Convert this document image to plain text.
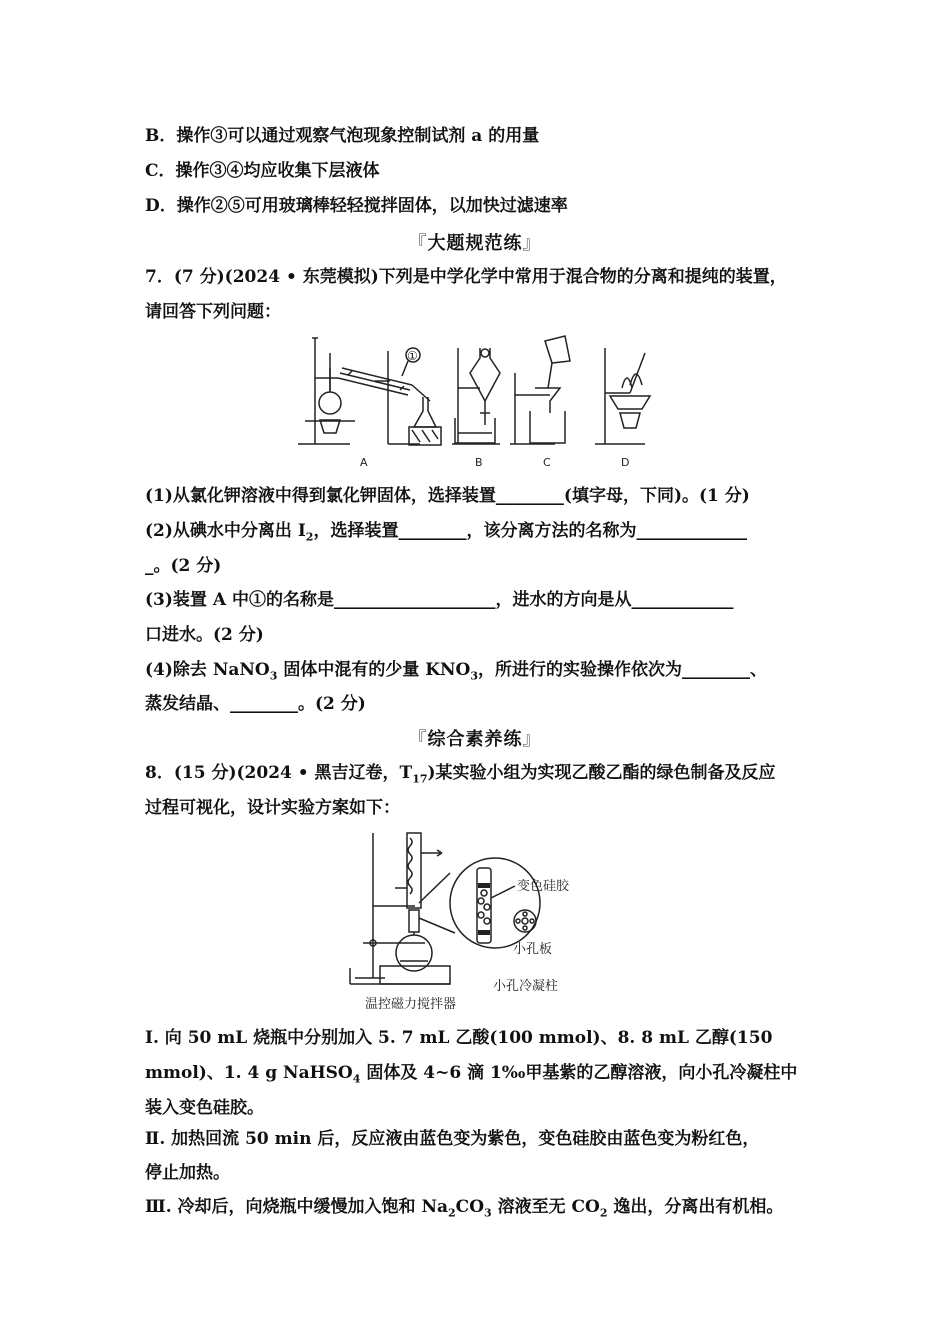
B．操作③可以通过观察气泡现象控制试剂 a 的用量
C．操作③④均应收集下层液体
D．操作②⑤可用玻璃棒轻轻搅拌固体，以加快过滤速率
『大题规范练』
7．(7 分)(2024 • 东莞模拟)下列是中学化学中常用于混合物的分离和提纯的装置，
请回答下列问题：
A	B	C	D
①
(1)从氯化钾溶液中得到氯化钾固体，选择装置________(填字母，下同)。(1 分)
(2)从碘水中分离出 $I_2$，选择装置________，该分离方法的名称为_____________
_。(2 分)
(3)装置 A 中①的名称是___________________，进水的方向是从____________
口进水。(2 分)
(4)除去 NaNO$_3$ 固体中混有的少量 $KNO_3$，所进行的实验操作依次为________、
蒸发结晶、________。(2 分)
『综合素养练』
8．(15 分)(2024 • 黑吉辽卷，$T_{17}$)某实验小组为实现乙酸乙酯的绿色制备及反应
过程可视化，设计实验方案如下：
变色硅胶
小孔板
小孔冷凝柱
温控磁力搅拌器
Ⅰ. 向 50 mL 烧瓶中分别加入 5. 7 mL 乙酸(100 mmol)、8. 8 mL 乙醇(150
mmol)、1. 4 g NaHSO$_4$ 固体及 4~6 滴 1‰甲基紫的乙醇溶液，向小孔冷凝柱中
装入变色硅胶。
Ⅱ. 加热回流 50 min 后，反应液由蓝色变为紫色，变色硅胶由蓝色变为粉红色，
停止加热。
Ⅲ. 冷却后，向烧瓶中缓慢加入饱和 $Na_2CO_3$ 溶液至无 $CO_2$ 逸出，分离出有机相。
